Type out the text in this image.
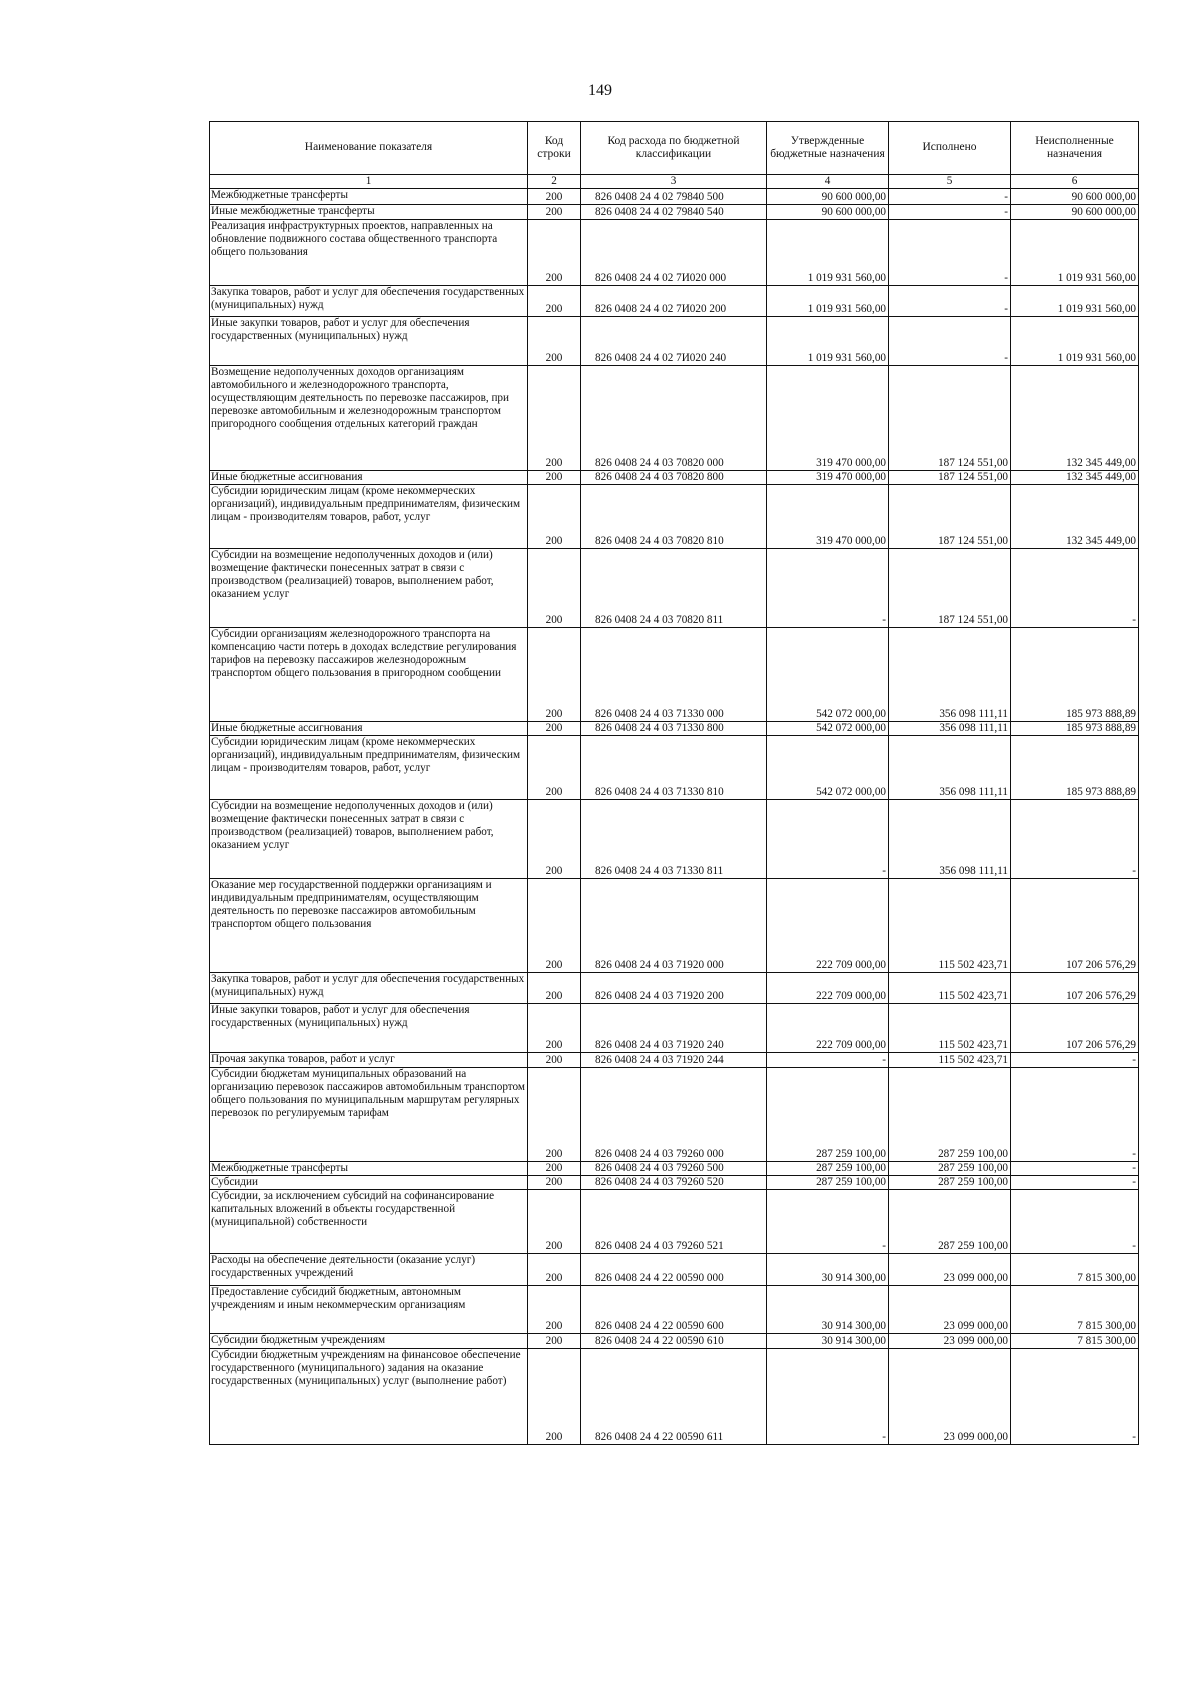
149
Наименование показателя	Код строки	Код расхода по бюджетной классификации	Утвержденные бюджетные назначения	Исполнено	Неисполненные назначения
1	2	3	4	5	6
Межбюджетные трансферты	200	826 0408 24 4 02 79840 500	90 600 000,00	-	90 600 000,00
Иные межбюджетные трансферты	200	826 0408 24 4 02 79840 540	90 600 000,00	-	90 600 000,00
Реализация инфраструктурных проектов, направленных на обновление подвижного состава общественного транспорта общего пользования	200	826 0408 24 4 02 7И020 000	1 019 931 560,00	-	1 019 931 560,00
Закупка товаров, работ и услуг для обеспечения государственных (муниципальных) нужд	200	826 0408 24 4 02 7И020 200	1 019 931 560,00	-	1 019 931 560,00
Иные закупки товаров, работ и услуг для обеспечения государственных (муниципальных) нужд	200	826 0408 24 4 02 7И020 240	1 019 931 560,00	-	1 019 931 560,00
Возмещение недополученных доходов организациям автомобильного и железнодорожного транспорта, осуществляющим деятельность по перевозке пассажиров, при перевозке автомобильным и железнодорожным транспортом пригородного сообщения отдельных категорий граждан	200	826 0408 24 4 03 70820 000	319 470 000,00	187 124 551,00	132 345 449,00
Иные бюджетные ассигнования	200	826 0408 24 4 03 70820 800	319 470 000,00	187 124 551,00	132 345 449,00
Субсидии юридическим лицам (кроме некоммерческих организаций), индивидуальным предпринимателям, физическим лицам - производителям товаров, работ, услуг	200	826 0408 24 4 03 70820 810	319 470 000,00	187 124 551,00	132 345 449,00
Субсидии на возмещение недополученных доходов и (или) возмещение фактически понесенных затрат в связи с производством (реализацией) товаров, выполнением работ, оказанием услуг	200	826 0408 24 4 03 70820 811	-	187 124 551,00	-
Субсидии организациям железнодорожного транспорта на компенсацию части потерь в доходах вследствие регулирования тарифов на перевозку пассажиров железнодорожным транспортом общего пользования в пригородном сообщении	200	826 0408 24 4 03 71330 000	542 072 000,00	356 098 111,11	185 973 888,89
Иные бюджетные ассигнования	200	826 0408 24 4 03 71330 800	542 072 000,00	356 098 111,11	185 973 888,89
Субсидии юридическим лицам (кроме некоммерческих организаций), индивидуальным предпринимателям, физическим лицам - производителям товаров, работ, услуг	200	826 0408 24 4 03 71330 810	542 072 000,00	356 098 111,11	185 973 888,89
Субсидии на возмещение недополученных доходов и (или) возмещение фактически понесенных затрат в связи с производством (реализацией) товаров, выполнением работ, оказанием услуг	200	826 0408 24 4 03 71330 811	-	356 098 111,11	-
Оказание мер государственной поддержки организациям и индивидуальным предпринимателям, осуществляющим деятельность по перевозке пассажиров автомобильным транспортом общего пользования	200	826 0408 24 4 03 71920 000	222 709 000,00	115 502 423,71	107 206 576,29
Закупка товаров, работ и услуг для обеспечения государственных (муниципальных) нужд	200	826 0408 24 4 03 71920 200	222 709 000,00	115 502 423,71	107 206 576,29
Иные закупки товаров, работ и услуг для обеспечения государственных (муниципальных) нужд	200	826 0408 24 4 03 71920 240	222 709 000,00	115 502 423,71	107 206 576,29
Прочая закупка товаров, работ и услуг	200	826 0408 24 4 03 71920 244	-	115 502 423,71	-
Субсидии бюджетам муниципальных образований на организацию перевозок пассажиров автомобильным транспортом общего пользования по муниципальным маршрутам регулярных перевозок по регулируемым тарифам	200	826 0408 24 4 03 79260 000	287 259 100,00	287 259 100,00	-
Межбюджетные трансферты	200	826 0408 24 4 03 79260 500	287 259 100,00	287 259 100,00	-
Субсидии	200	826 0408 24 4 03 79260 520	287 259 100,00	287 259 100,00	-
Субсидии, за исключением субсидий на софинансирование капитальных вложений в объекты государственной (муниципальной) собственности	200	826 0408 24 4 03 79260 521	-	287 259 100,00	-
Расходы на обеспечение деятельности (оказание услуг) государственных учреждений	200	826 0408 24 4 22 00590 000	30 914 300,00	23 099 000,00	7 815 300,00
Предоставление субсидий бюджетным, автономным учреждениям и иным некоммерческим организациям	200	826 0408 24 4 22 00590 600	30 914 300,00	23 099 000,00	7 815 300,00
Субсидии бюджетным учреждениям	200	826 0408 24 4 22 00590 610	30 914 300,00	23 099 000,00	7 815 300,00
Субсидии бюджетным учреждениям на финансовое обеспечение государственного (муниципального) задания на оказание государственных (муниципальных) услуг (выполнение работ)	200	826 0408 24 4 22 00590 611	-	23 099 000,00	-
